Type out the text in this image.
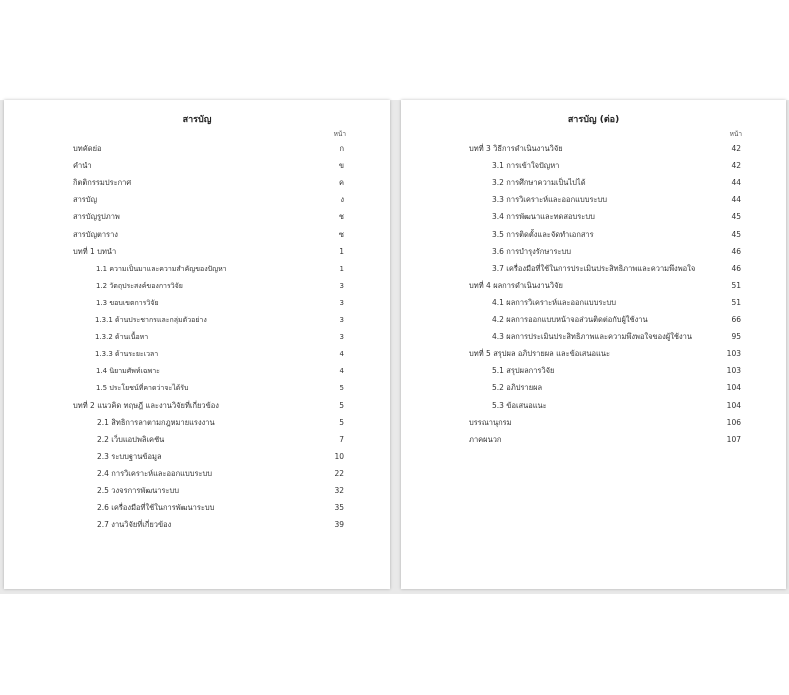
สารบัญ
หน้า
บทคัดย่อ	ก
คำนำ	ข
กิตติกรรมประกาศ	ค
สารบัญ	ง
สารบัญรูปภาพ	ช
สารบัญตาราง	ซ
บทที่ 1 บทนำ	1
1.1 ความเป็นมาและความสำคัญของปัญหา	1
1.2 วัตถุประสงค์ของการวิจัย	3
1.3 ขอบเขตการวิจัย	3
1.3.1 ด้านประชากรและกลุ่มตัวอย่าง	3
1.3.2 ด้านเนื้อหา	3
1.3.3 ด้านระยะเวลา	4
1.4 นิยามศัพท์เฉพาะ	4
1.5 ประโยชน์ที่คาดว่าจะได้รับ	5
บทที่ 2 แนวคิด ทฤษฎี และงานวิจัยที่เกี่ยวข้อง	5
2.1 สิทธิการลาตามกฎหมายแรงงาน	5
2.2 เว็บแอปพลิเคชัน	7
2.3 ระบบฐานข้อมูล	10
2.4 การวิเคราะห์และออกแบบระบบ	22
2.5 วงจรการพัฒนาระบบ	32
2.6 เครื่องมือที่ใช้ในการพัฒนาระบบ	35
2.7 งานวิจัยที่เกี่ยวข้อง	39
สารบัญ (ต่อ)
หน้า
บทที่ 3 วิธีการดำเนินงานวิจัย	42
3.1 การเข้าใจปัญหา	42
3.2 การศึกษาความเป็นไปได้	44
3.3 การวิเคราะห์และออกแบบระบบ	44
3.4 การพัฒนาและทดสอบระบบ	45
3.5 การติดตั้งและจัดทำเอกสาร	45
3.6 การบำรุงรักษาระบบ	46
3.7 เครื่องมือที่ใช้ในการประเมินประสิทธิภาพและความพึงพอใจ	46
บทที่ 4 ผลการดำเนินงานวิจัย	51
4.1 ผลการวิเคราะห์และออกแบบระบบ	51
4.2 ผลการออกแบบหน้าจอส่วนติดต่อกับผู้ใช้งาน	66
4.3 ผลการประเมินประสิทธิภาพและความพึงพอใจของผู้ใช้งาน	95
บทที่ 5 สรุปผล อภิปรายผล และข้อเสนอแนะ	103
5.1 สรุปผลการวิจัย	103
5.2 อภิปรายผล	104
5.3 ข้อเสนอแนะ	104
บรรณานุกรม	106
ภาคผนวก	107
